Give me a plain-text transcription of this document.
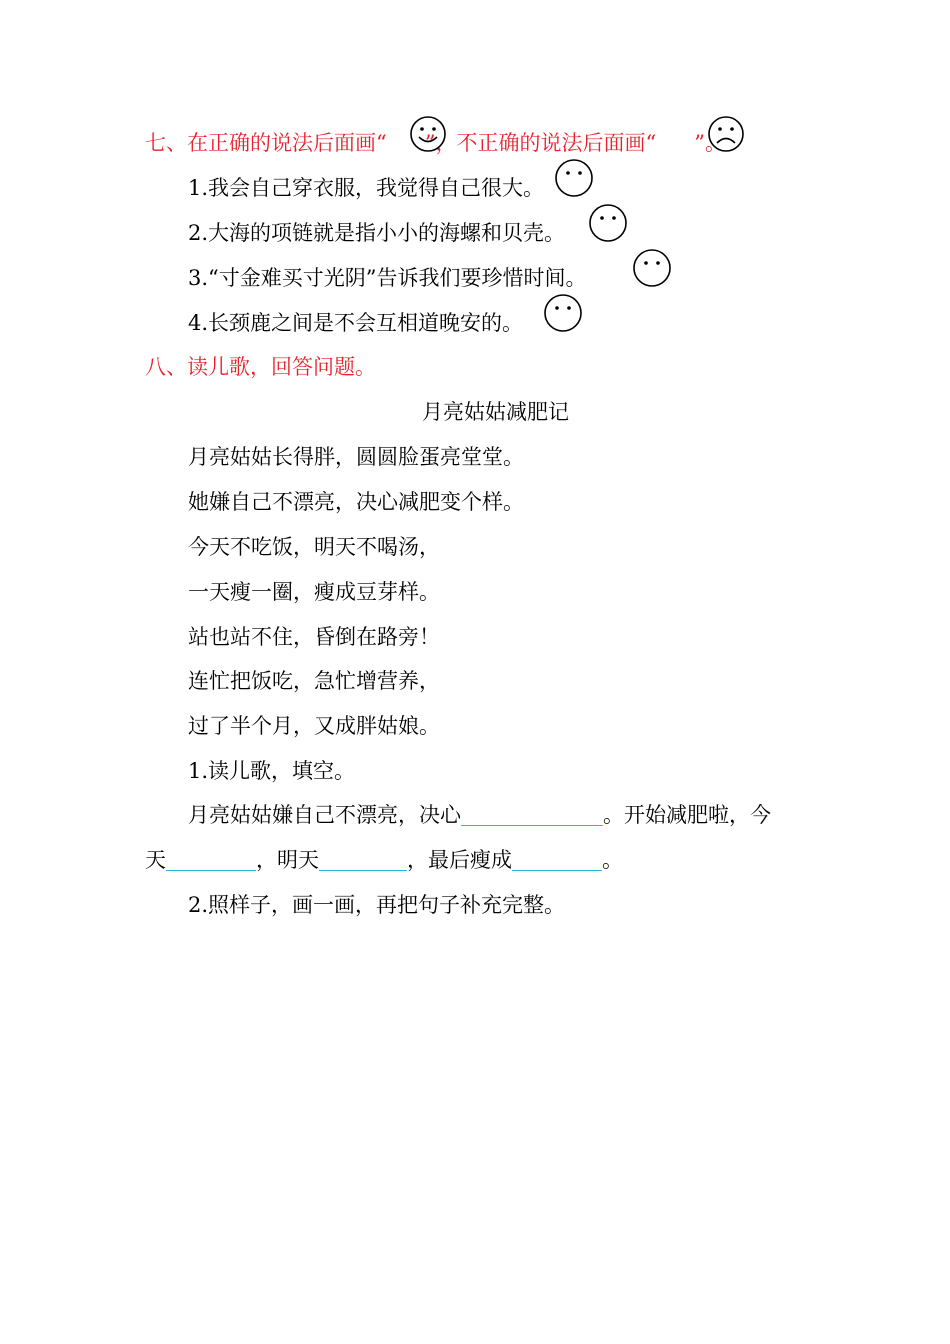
七、在正确的说法后面画“ ”，不正确的说法后面画“ ”。
1.我会自己穿衣服，我觉得自己很大。
2.大海的项链就是指小小的海螺和贝壳。
3.“寸金难买寸光阴”告诉我们要珍惜时间。
4.长颈鹿之间是不会互相道晚安的。
八、读儿歌，回答问题。
月亮姑姑减肥记
月亮姑姑长得胖，圆圆脸蛋亮堂堂。
她嫌自己不漂亮，决心减肥变个样。
今天不吃饭，明天不喝汤，
一天瘦一圈，瘦成豆芽样。
站也站不住，昏倒在路旁！
连忙把饭吃，急忙增营养，
过了半个月，又成胖姑娘。
1.读儿歌，填空。
月亮姑姑嫌自己不漂亮，决心	。开始减肥啦，今
天	，明天	，最后瘦成	。
2.照样子，画一画，再把句子补充完整。
